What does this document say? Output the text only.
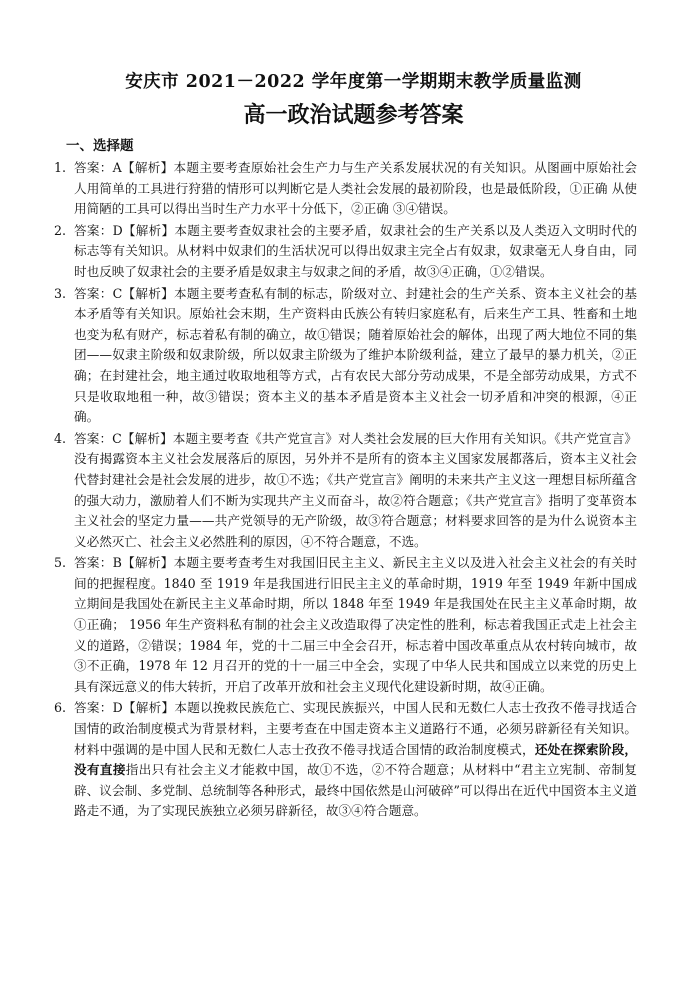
安庆市 2021－2022 学年度第一学期期末教学质量监测
高一政治试题参考答案
一、选择题
1. 答案：A【解析】本题主要考查原始社会生产力与生产关系发展状况的有关知识。从图画中原始社会人用简单的工具进行狩猎的情形可以判断它是人类社会发展的最初阶段，也是最低阶段，①正确 从使用简陋的工具可以得出当时生产力水平十分低下，②正确 ③④错误。
2. 答案：D【解析】本题主要考查奴隶社会的主要矛盾，奴隶社会的生产关系以及人类迈入文明时代的标志等有关知识。从材料中奴隶们的生活状况可以得出奴隶主完全占有奴隶，奴隶毫无人身自由，同时也反映了奴隶社会的主要矛盾是奴隶主与奴隶之间的矛盾，故③④正确，①②错误。
3. 答案：C【解析】本题主要考查私有制的标志，阶级对立、封建社会的生产关系、资本主义社会的基本矛盾等有关知识。原始社会末期，生产资料由氏族公有转归家庭私有，后来生产工具、牲畜和土地也变为私有财产，标志着私有制的确立，故①错误；随着原始社会的解体，出现了两大地位不同的集团——奴隶主阶级和奴隶阶级，所以奴隶主阶级为了维护本阶级利益，建立了最早的暴力机关，②正确；在封建社会，地主通过收取地租等方式，占有农民大部分劳动成果，不是全部劳动成果，方式不只是收取地租一种，故③错误；资本主义的基本矛盾是资本主义社会一切矛盾和冲突的根源，④正确。
4. 答案：C【解析】本题主要考查《共产党宣言》对人类社会发展的巨大作用有关知识。《共产党宣言》没有揭露资本主义社会发展落后的原因，另外并不是所有的资本主义国家发展都落后，资本主义社会代替封建社会是社会发展的进步，故①不选；《共产党宣言》阐明的未来共产主义这一理想目标所蕴含的强大动力，激励着人们不断为实现共产主义而奋斗，故②符合题意；《共产党宣言》指明了变革资本主义社会的坚定力量——共产党领导的无产阶级，故③符合题意；材料要求回答的是为什么说资本主义必然灭亡、社会主义必然胜利的原因，④不符合题意，不选。
5. 答案：B【解析】本题主要考查考生对我国旧民主主义、新民主主义以及进入社会主义社会的有关时间的把握程度。1840 至 1919 年是我国进行旧民主主义的革命时期，1919 年至 1949 年新中国成立期间是我国处在新民主主义革命时期，所以 1848 年至 1949 年是我国处在民主主义革命时期，故①正确； 1956 年生产资料私有制的社会主义改造取得了决定性的胜利，标志着我国正式走上社会主义的道路，②错误；1984 年，党的十二届三中全会召开，标志着中国改革重点从农村转向城市，故③不正确，1978 年 12 月召开的党的十一届三中全会，实现了中华人民共和国成立以来党的历史上具有深远意义的伟大转折，开启了改革开放和社会主义现代化建设新时期，故④正确。
6. 答案：D【解析】本题以挽救民族危亡、实现民族振兴，中国人民和无数仁人志士孜孜不倦寻找适合国情的政治制度模式为背景材料，主要考查在中国走资本主义道路行不通，必须另辟新径有关知识。材料中强调的是中国人民和无数仁人志士孜孜不倦寻找适合国情的政治制度模式，还处在探索阶段，没有直接指出只有社会主义才能救中国，故①不选，②不符合题意；从材料中“君主立宪制、帝制复辟、议会制、多党制、总统制等各种形式，最终中国依然是山河破碎”可以得出在近代中国资本主义道路走不通，为了实现民族独立必须另辟新径，故③④符合题意。
